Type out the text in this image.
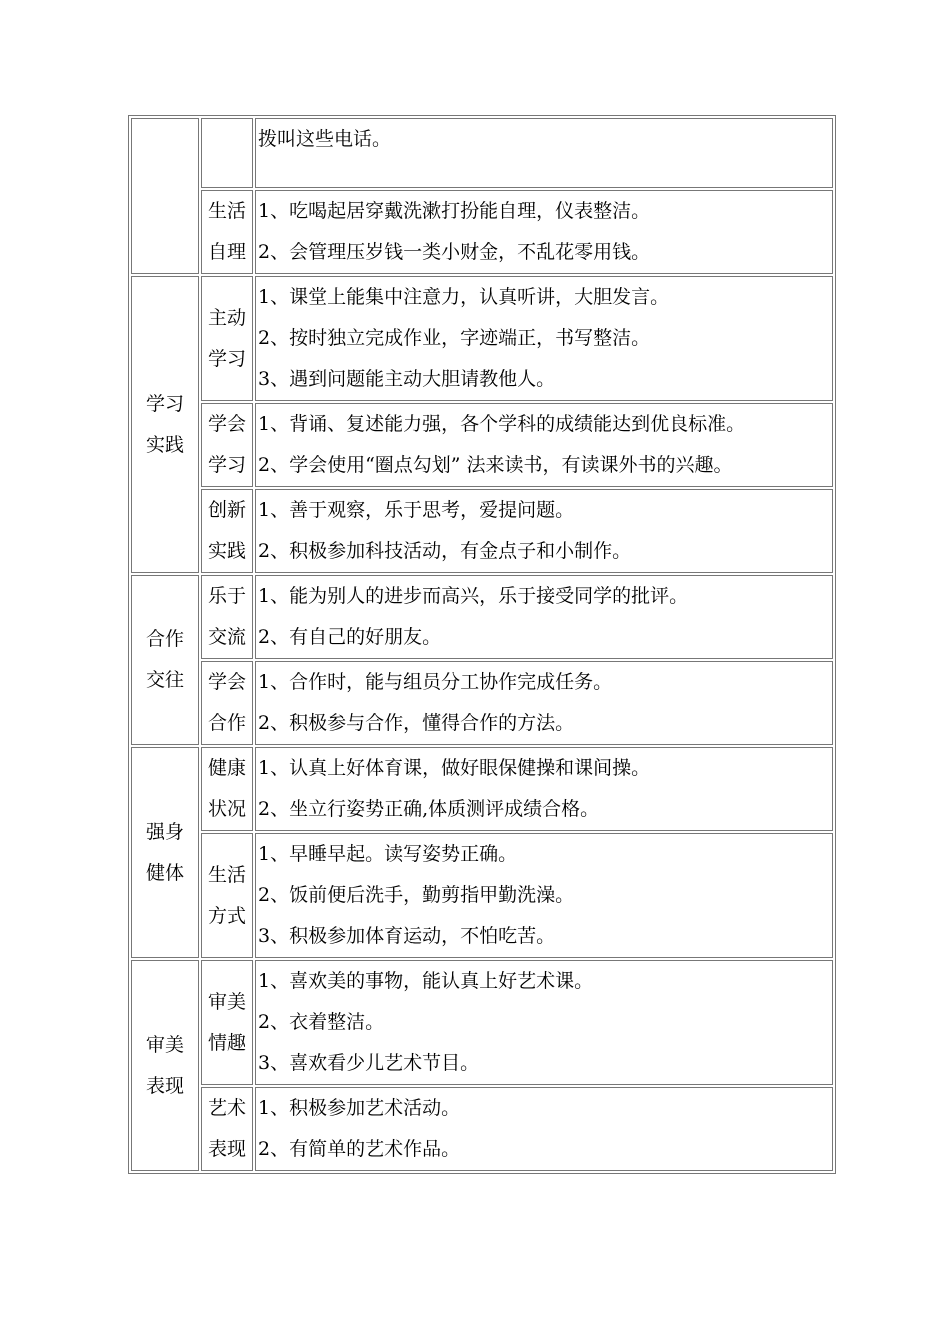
		拨叫这些电话。

	生活自理	1、吃喝起居穿戴洗漱打扮能自理，仪表整洁。
2、会管理压岁钱一类小财金，不乱花零用钱。

学习实践	主动学习	1、课堂上能集中注意力，认真听讲，大胆发言。
2、按时独立完成作业，字迹端正，书写整洁。
3、遇到问题能主动大胆请教他人。

	学会学习	1、背诵、复述能力强，各个学科的成绩能达到优良标准。
2、学会使用“圈点勾划” 法来读书，有读课外书的兴趣。

	创新实践	1、善于观察，乐于思考，爱提问题。
2、积极参加科技活动，有金点子和小制作。

合作交往	乐于交流	1、能为别人的进步而高兴，乐于接受同学的批评。
2、有自己的好朋友。

	学会合作	1、合作时，能与组员分工协作完成任务。
2、积极参与合作，懂得合作的方法。

强身健体	健康状况	1、认真上好体育课，做好眼保健操和课间操。
2、坐立行姿势正确,体质测评成绩合格。

	生活方式	1、早睡早起。读写姿势正确。
2、饭前便后洗手，勤剪指甲勤洗澡。
3、积极参加体育运动，不怕吃苦。

审美表现	审美情趣	1、喜欢美的事物，能认真上好艺术课。
2、衣着整洁。
3、喜欢看少儿艺术节目。

	艺术表现	1、积极参加艺术活动。
2、有简单的艺术作品。
